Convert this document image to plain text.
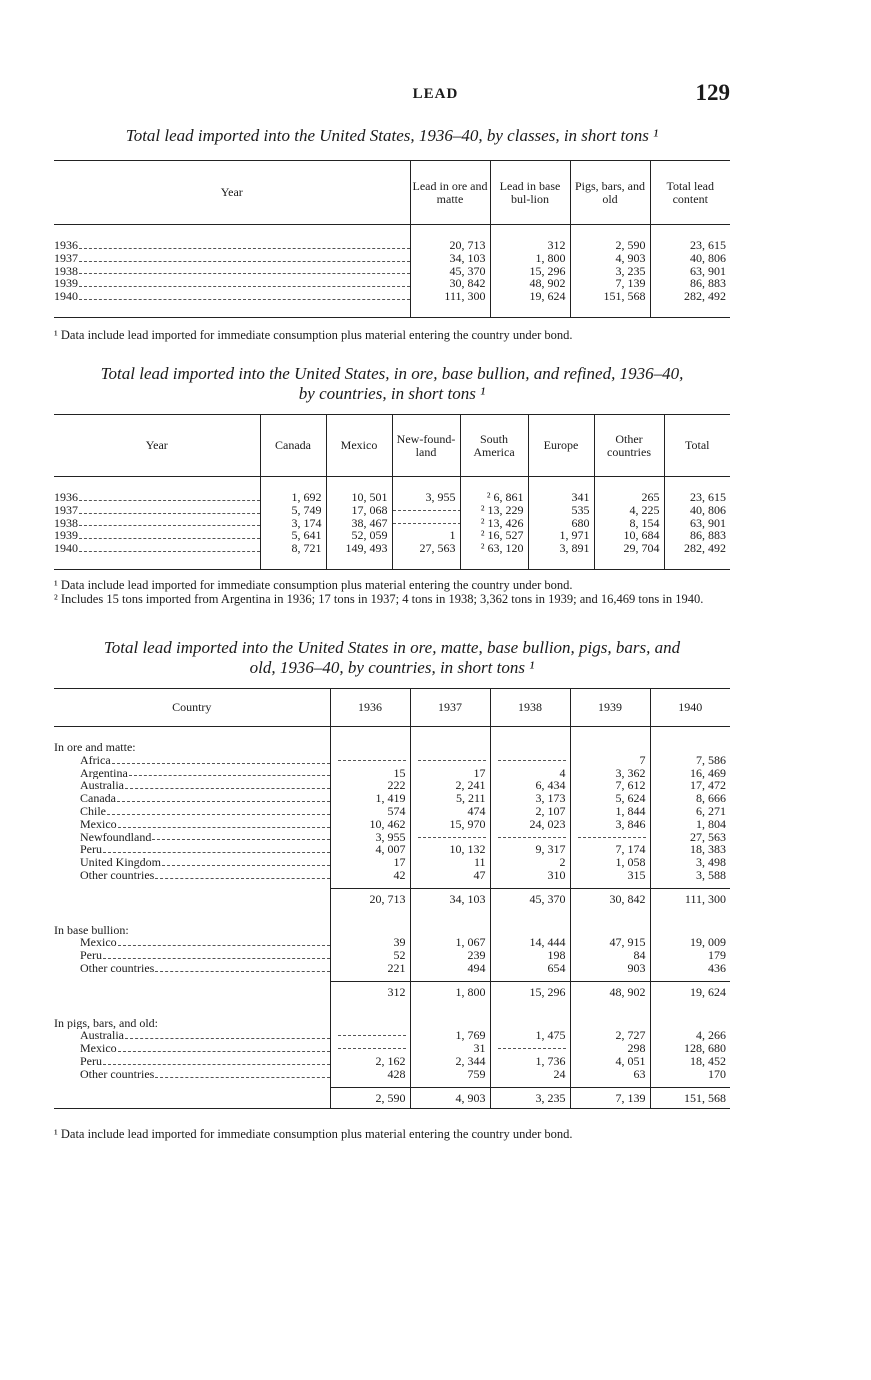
LEAD	129
Total lead imported into the United States, 1936–40, by classes, in short tons ¹
Year	Lead in ore and matte	Lead in base bul-lion	Pigs, bars, and old	Total lead content

1936	20, 713	312	2, 590	23, 615

1937	34, 103	1, 800	4, 903	40, 806

1938	45, 370	15, 296	3, 235	63, 901

1939	30, 842	48, 902	7, 139	86, 883

1940	111, 300	19, 624	151, 568	282, 492

¹ Data include lead imported for immediate consumption plus material entering the country under bond.
Total lead imported into the United States, in ore, base bullion, and refined, 1936–40,
by countries, in short tons ¹
Year	Canada	Mexico	New-found-land	South America	Europe	Other countries	Total

1936	1, 692	10, 501	3, 955	² 6, 861	341	265	23, 615

1937	5, 749	17, 068		² 13, 229	535	4, 225	40, 806

1938	3, 174	38, 467		² 13, 426	680	8, 154	63, 901

1939	5, 641	52, 059	1	² 16, 527	1, 971	10, 684	86, 883

1940	8, 721	149, 493	27, 563	² 63, 120	3, 891	29, 704	282, 492

¹ Data include lead imported for immediate consumption plus material entering the country under bond.
² Includes 15 tons imported from Argentina in 1936; 17 tons in 1937; 4 tons in 1938; 3,362 tons in 1939; and 16,469 tons in 1940.
Total lead imported into the United States in ore, matte, base bullion, pigs, bars, and
old, 1936–40, by countries, in short tons ¹
Country	1936	1937	1938	1939	1940

In ore and matte:					

Africa				7	7, 586

Argentina	15	17	4	3, 362	16, 469

Australia	222	2, 241	6, 434	7, 612	17, 472

Canada	1, 419	5, 211	3, 173	5, 624	8, 666

Chile	574	474	2, 107	1, 844	6, 271

Mexico	10, 462	15, 970	24, 023	3, 846	1, 804

Newfoundland	3, 955				27, 563

Peru	4, 007	10, 132	9, 317	7, 174	18, 383

United Kingdom	17	11	2	1, 058	3, 498

Other countries	42	47	310	315	3, 588

	20, 713	34, 103	45, 370	30, 842	111, 300

In base bullion:					

Mexico	39	1, 067	14, 444	47, 915	19, 009

Peru	52	239	198	84	179

Other countries	221	494	654	903	436

	312	1, 800	15, 296	48, 902	19, 624

In pigs, bars, and old:					

Australia		1, 769	1, 475	2, 727	4, 266

Mexico		31		298	128, 680

Peru	2, 162	2, 344	1, 736	4, 051	18, 452

Other countries	428	759	24	63	170

	2, 590	4, 903	3, 235	7, 139	151, 568
¹ Data include lead imported for immediate consumption plus material entering the country under bond.
